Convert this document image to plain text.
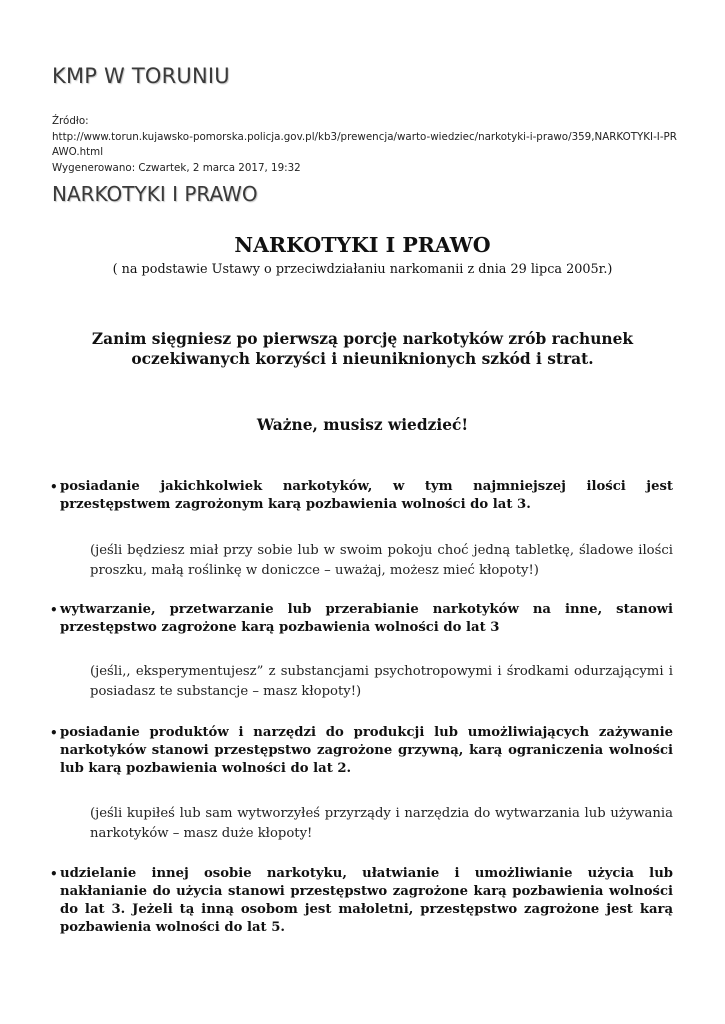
KMP W TORUNIU
Źródło:
http://www.torun.kujawsko-pomorska.policja.gov.pl/kb3/prewencja/warto-wiedziec/narkotyki-i-prawo/359,NARKOTYKI-I-PRAWO.html
Wygenerowano: Czwartek, 2 marca 2017, 19:32
NARKOTYKI I PRAWO
NARKOTYKI I PRAWO
( na podstawie Ustawy o przeciwdziałaniu narkomanii z dnia 29 lipca 2005r.)
Zanim sięgniesz po pierwszą porcję narkotyków zrób rachunek oczekiwanych korzyści i nieuniknionych szkód i strat.
Ważne, musisz wiedzieć!
• posiadanie jakichkolwiek narkotyków, w tym najmniejszej ilości jest przestępstwem zagrożonym karą pozbawienia wolności do lat 3.
(jeśli będziesz miał przy sobie lub w swoim pokoju choć jedną tabletkę, śladowe ilości proszku, małą roślinkę w doniczce – uważaj, możesz mieć kłopoty!)
• wytwarzanie, przetwarzanie lub przerabianie narkotyków na inne, stanowi przestępstwo zagrożone karą pozbawienia wolności do lat 3
(jeśli,, eksperymentujesz” z substancjami psychotropowymi i środkami odurzającymi i posiadasz te substancje – masz kłopoty!)
• posiadanie produktów i narzędzi do produkcji lub umożliwiających zażywanie narkotyków stanowi przestępstwo zagrożone grzywną, karą ograniczenia wolności lub karą pozbawienia wolności do lat 2.
(jeśli kupiłeś lub sam wytworzyłeś przyrządy i narzędzia do wytwarzania lub używania narkotyków – masz duże kłopoty!
• udzielanie innej osobie narkotyku, ułatwianie i umożliwianie użycia lub nakłanianie do użycia stanowi przestępstwo zagrożone karą pozbawienia wolności do lat 3. Jeżeli tą inną osobom jest małoletni, przestępstwo zagrożone jest karą pozbawienia wolności do lat 5.
